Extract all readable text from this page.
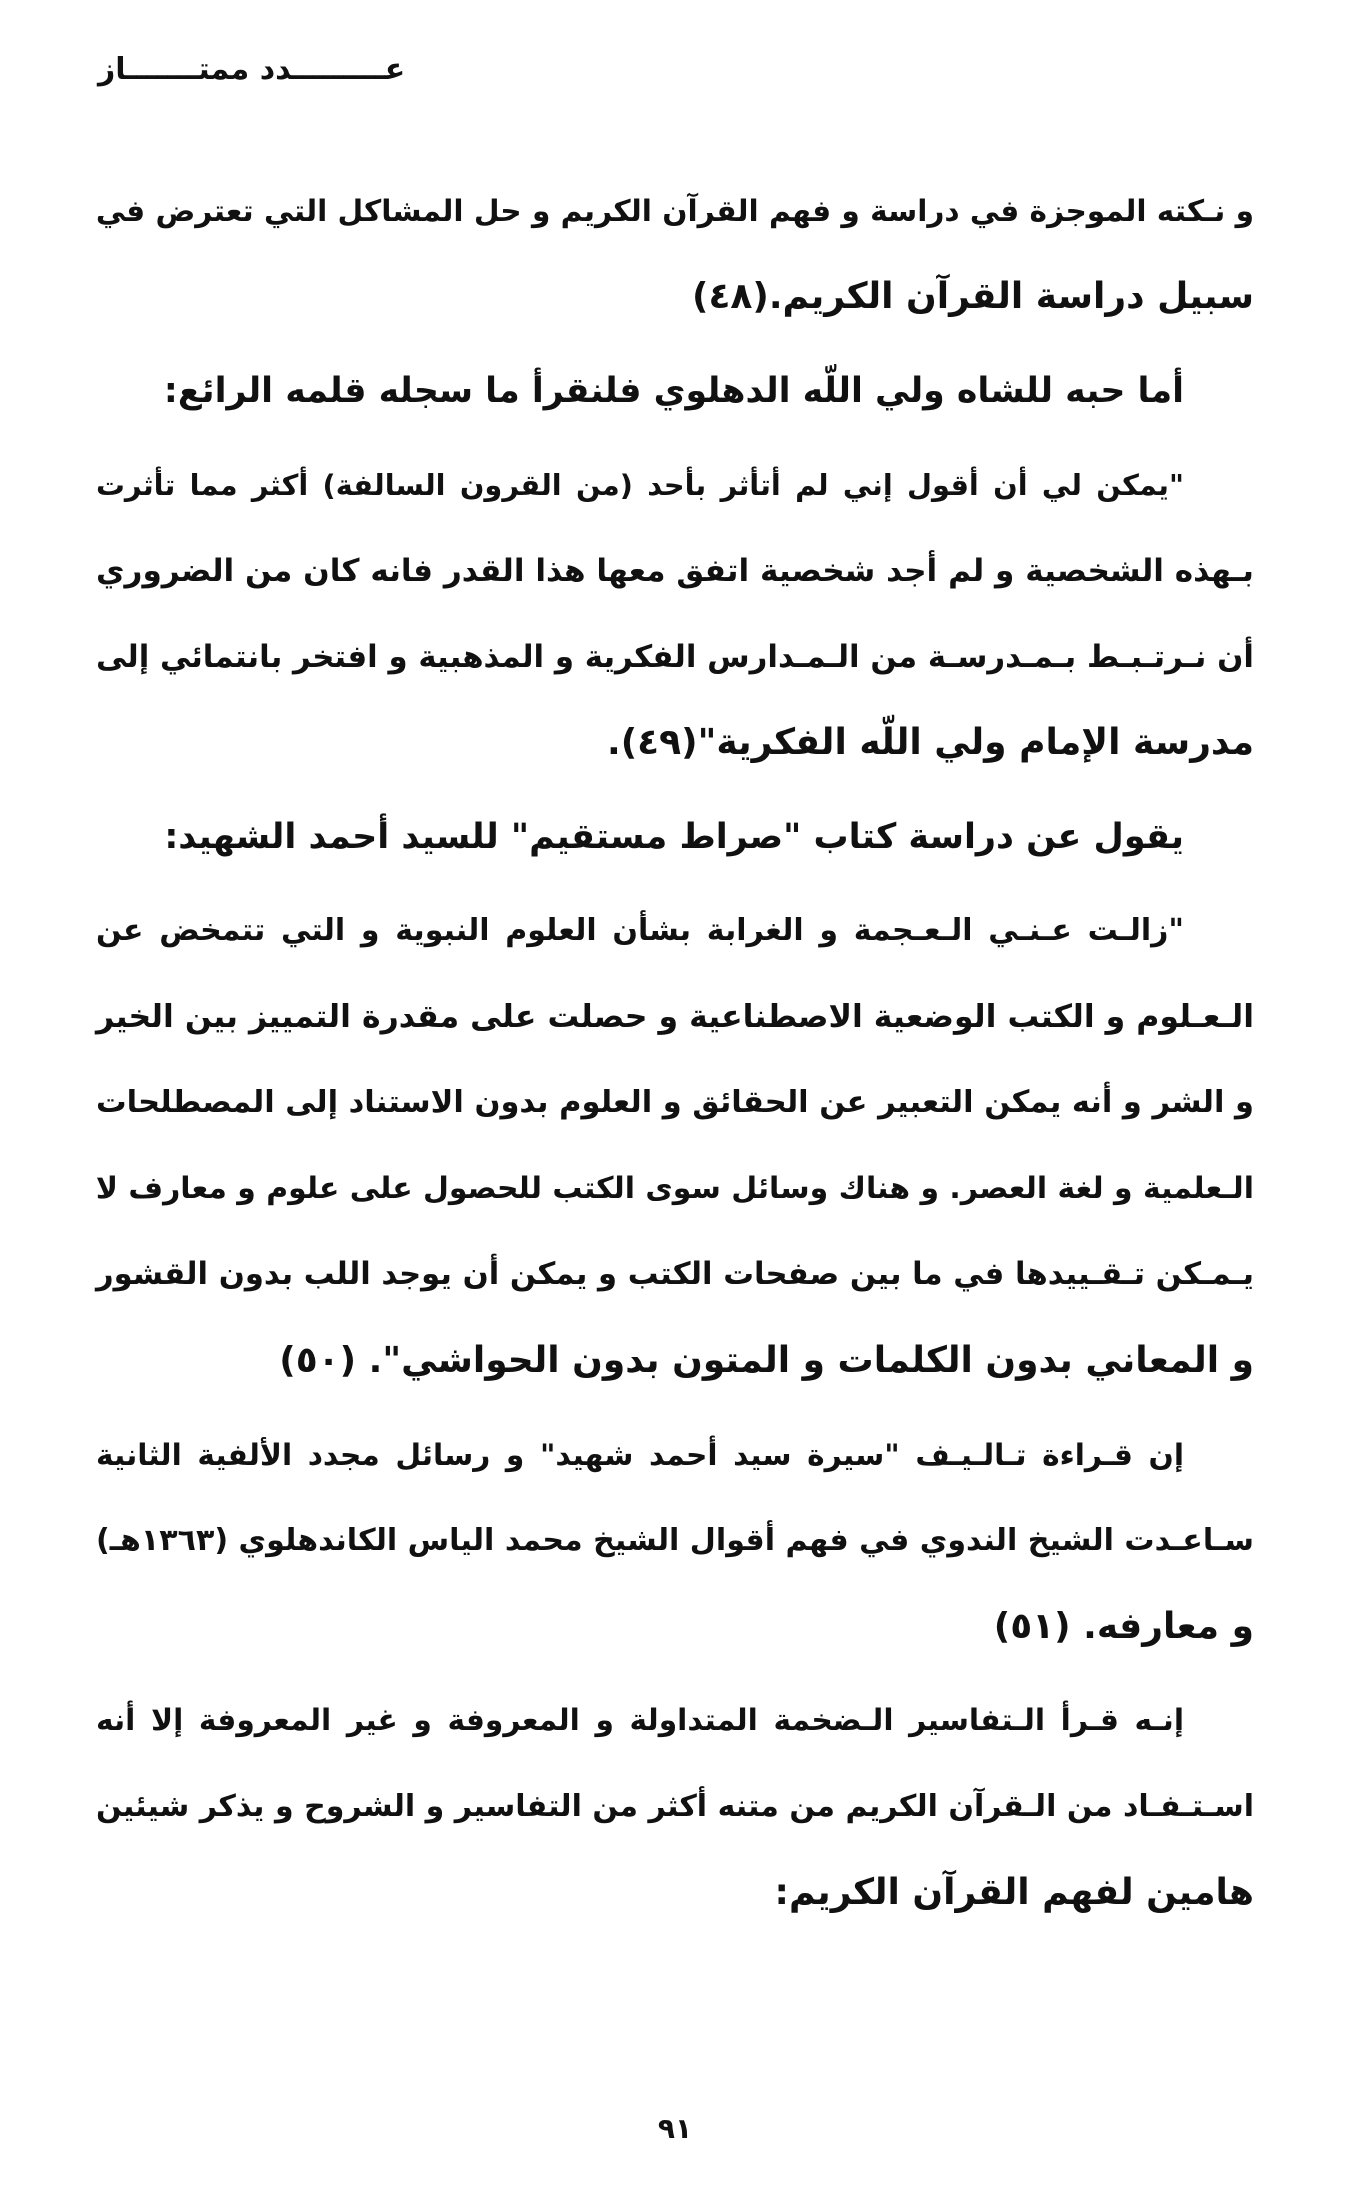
عـــــــــدد ممتـــــــاز

و نـكته الموجزة في دراسة و فهم القرآن الكريم و حل المشاكل التي تعترض في
سبيل دراسة القرآن الكريم.(٤٨)

أما حبه للشاه ولي اللّه الدهلوي فلنقرأ ما سجله قلمه الرائع:

"يمكن لي أن أقول إني لم أتأثر بأحد (من القرون السالفة) أكثر مما تأثرت
بـهذه الشخصية و لم أجد شخصية اتفق معها هذا القدر فانه كان من الضروري
أن نـرتـبـط بـمـدرسـة من الـمـدارس الفكرية و المذهبية و افتخر بانتمائي إلى
مدرسة الإمام ولي اللّه الفكرية"(٤٩).

يقول عن دراسة كتاب "صراط مستقيم" للسيد أحمد الشهيد:

"زالـت عـنـي الـعـجمة و الغرابة بشأن العلوم النبوية و التي تتمخض عن
الـعـلوم و الكتب الوضعية الاصطناعية و حصلت على مقدرة التمييز بين الخير
و الشر و أنه يمكن التعبير عن الحقائق و العلوم بدون الاستناد إلى المصطلحات
الـعلمية و لغة العصر. و هناك وسائل سوى الكتب للحصول على علوم و معارف لا
يـمـكن تـقـييدها في ما بين صفحات الكتب و يمكن أن يوجد اللب بدون القشور
و المعاني بدون الكلمات و المتون بدون الحواشي". (٥٠)

إن قـراءة تـالـيـف "سيرة سيد أحمد شهيد" و رسائل مجدد الألفية الثانية
سـاعـدت الشيخ الندوي في فهم أقوال الشيخ محمد الياس الكاندهلوي (١٣٦٣هـ)
و معارفه. (٥١)

إنـه قـرأ الـتفاسير الـضخمة المتداولة و المعروفة و غير المعروفة إلا أنه
اسـتـفـاد من الـقرآن الكريم من متنه أكثر من التفاسير و الشروح و يذكر شيئين
هامين لفهم القرآن الكريم:

٩١
